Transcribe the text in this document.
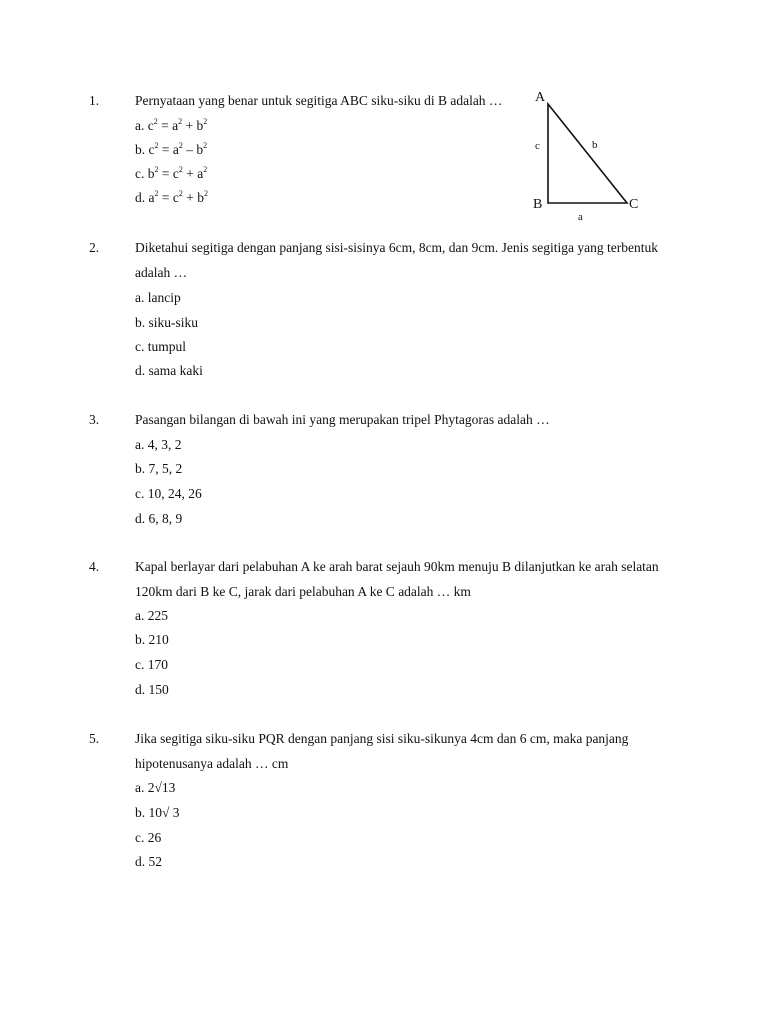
1.	Pernyataan yang benar untuk segitiga ABC siku-siku di B adalah …
a. $c^2 = a^2 + b^2$
b. $c^2 = a^2 - b^2$
c. $b^2 = c^2 + a^2$
d. $a^2 = c^2 + b^2$
A
B	C
c	b
a
2.	Diketahui segitiga dengan panjang sisi-sisinya 6cm, 8cm, dan 9cm. Jenis segitiga yang terbentuk
adalah …
a. lancip
b. siku-siku
c. tumpul
d. sama kaki
3.	Pasangan bilangan di bawah ini yang merupakan tripel Phytagoras adalah …
a. 4, 3, 2
b. 7, 5, 2
c. 10, 24, 26
d. 6, 8, 9
4.	Kapal berlayar dari pelabuhan A ke arah barat sejauh 90km menuju B dilanjutkan ke arah selatan
120km dari B ke C, jarak dari pelabuhan A ke C adalah … km
a. 225
b. 210
c. 170
d. 150
5.	Jika segitiga siku-siku PQR dengan panjang sisi siku-sikunya 4cm dan 6 cm, maka panjang
hipotenusanya adalah … cm
a. 2√13
b. 10√ 3
c. 26
d. 52
